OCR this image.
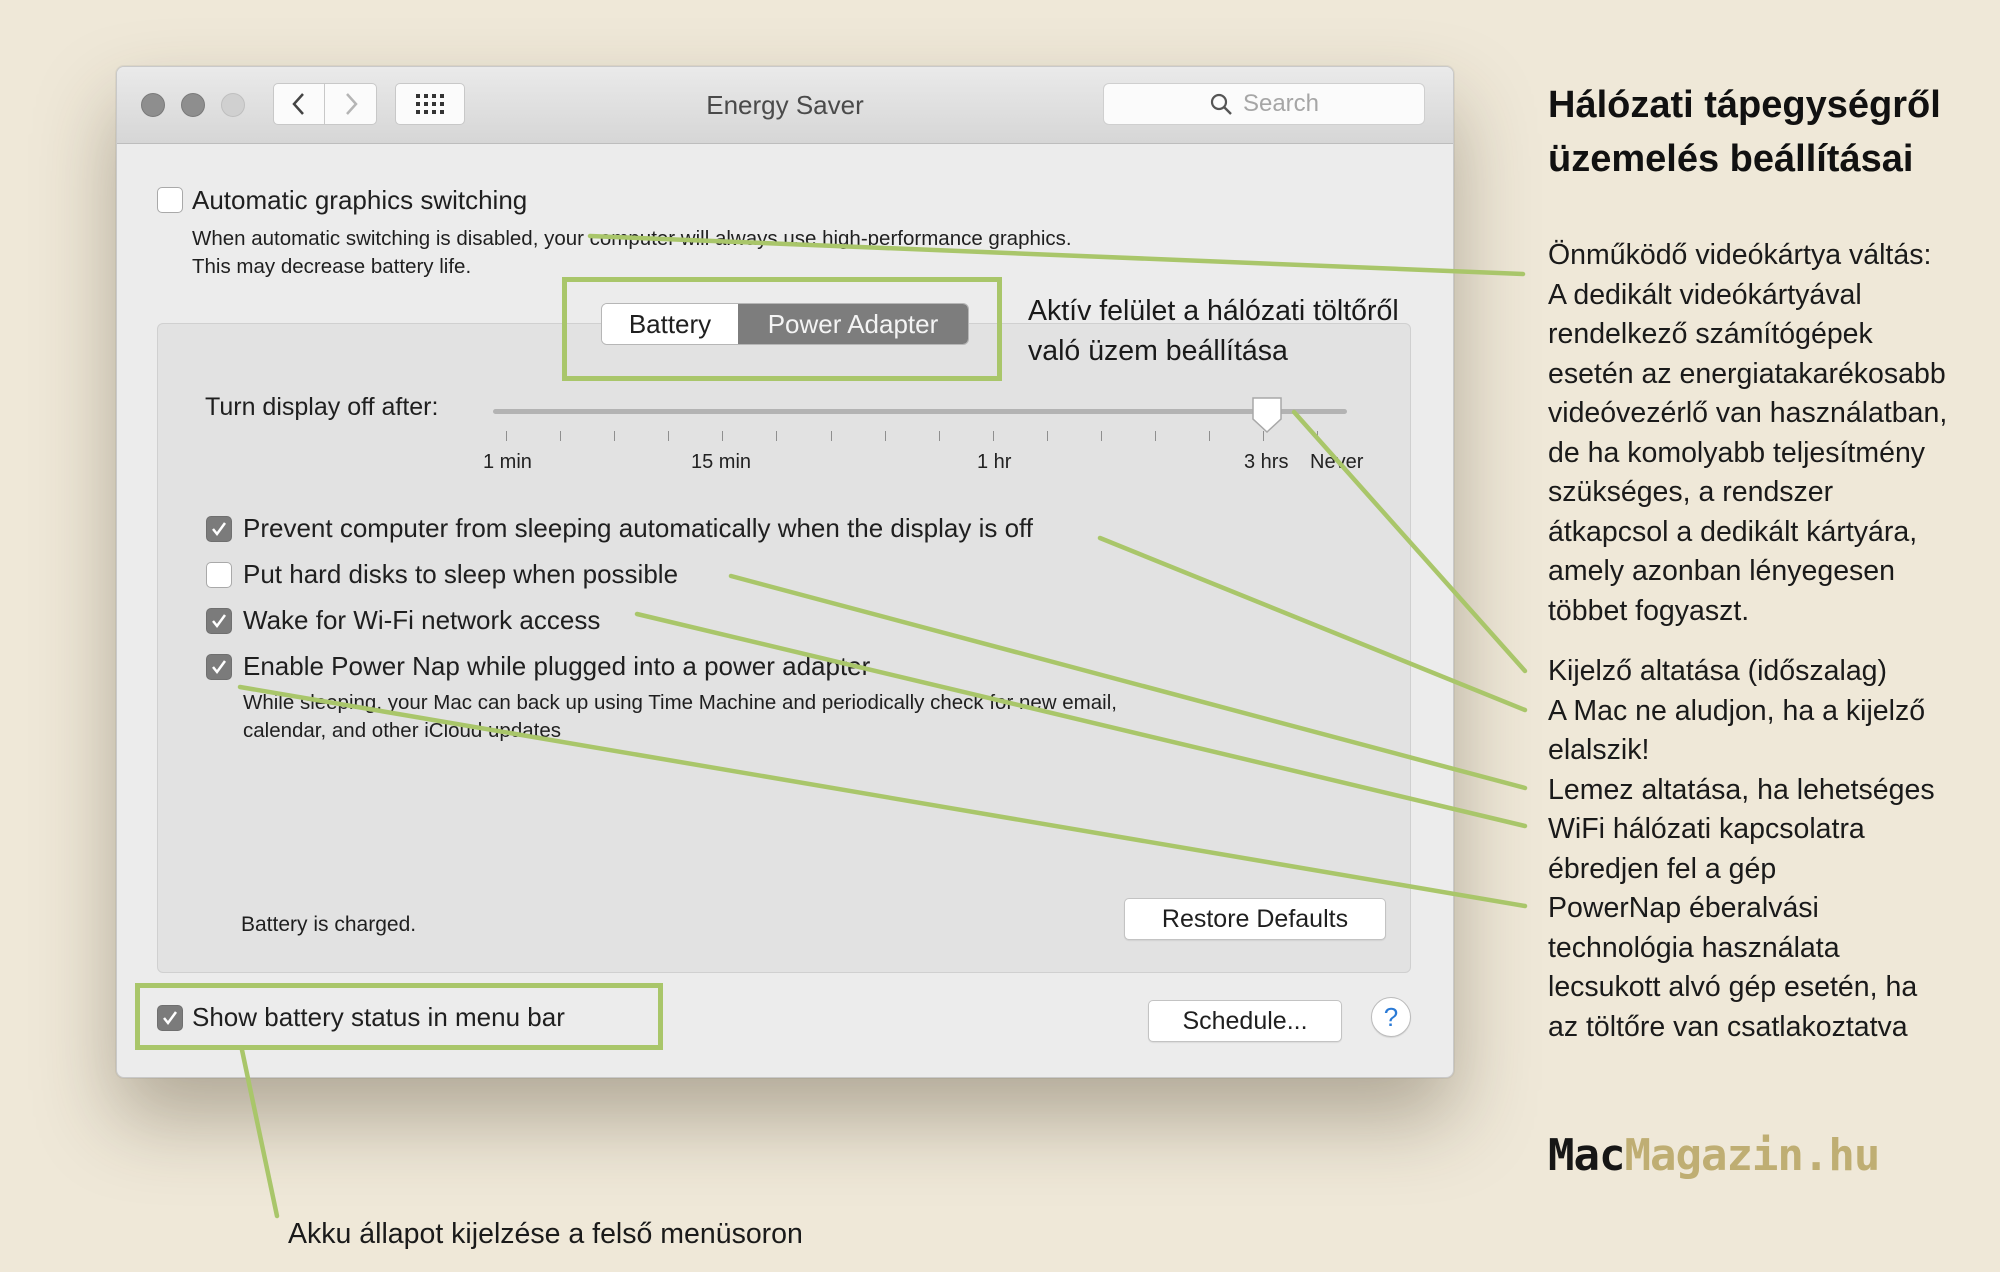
Energy Saver	Search
Automatic graphics switching
When automatic switching is disabled, your computer will always use high-performance graphics.
This may decrease battery life.
Battery	Power Adapter
Turn display off after:
1 min	15 min	1 hr	3 hrs Never
Prevent computer from sleeping automatically when the display is off
Put hard disks to sleep when possible
Wake for Wi-Fi network access
Enable Power Nap while plugged into a power adapter
While sleeping, your Mac can back up using Time Machine and periodically check for new email,
calendar, and other iCloud updates
Battery is charged.	Restore Defaults
Show battery status in menu bar	Schedule...	?
Aktív felület a hálózati töltőről
való üzem beállítása
Hálózati tápegységről
üzemelés beállításai
Önműködő videókártya váltás:
A dedikált videókártyával
rendelkező számítógépek
esetén az energiatakarékosabb
videóvezérlő van használatban,
de ha komolyabb teljesítmény
szükséges, a rendszer
átkapcsol a dedikált kártyára,
amely azonban lényegesen
többet fogyaszt.
Kijelző altatása (időszalag)
A Mac ne aludjon, ha a kijelző
elalszik!
Lemez altatása, ha lehetséges
WiFi hálózati kapcsolatra
ébredjen fel a gép
PowerNap éberalvási
technológia használata
lecsukott alvó gép esetén, ha
az töltőre van csatlakoztatva
Akku állapot kijelzése a felső menüsoron
MacMagazin.hu
